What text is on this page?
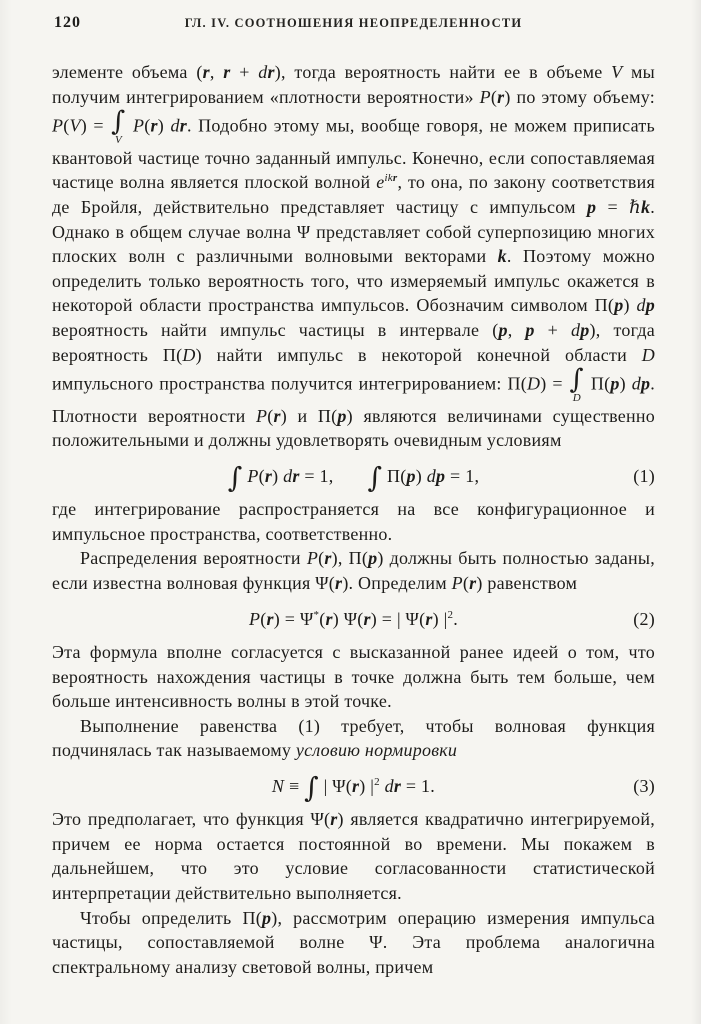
120	ГЛ. IV. СООТНОШЕНИЯ НЕОПРЕДЕЛЕННОСТИ

элементе объема (r, r + dr), тогда вероятность найти ее в объеме V мы получим интегрированием «плотности вероятности» P(r) по этому объему: P(V) = ∫
V
P(r) dr. Подобно этому мы, вообще говоря, не можем приписать квантовой частице точно заданный импульс. Конечно, если сопоставляемая частице волна является плоской волной $e^{ikr}$, то она, по закону соответствия де Бройля, действительно представляет частицу с импульсом p = ℏk. Однако в общем случае волна Ψ представляет собой суперпозицию многих плоских волн с различными волновыми векторами k. Поэтому можно определить только вероятность того, что измеряемый импульс окажется в некоторой области пространства импульсов. Обозначим символом Π(p) dp вероятность найти импульс частицы в интервале (p, p + dp), тогда вероятность Π(D) найти импульс в некоторой конечной области D импульсного пространства получится интегрированием: Π(D) = ∫
D
Π(p) dp. Плотности вероятности P(r) и Π(p) являются величинами существенно положительными и должны удовлетворять очевидным условиям

∫ P(r) dr = 1, ∫ Π(p) dp = 1,	(1)

где интегрирование распространяется на все конфигурационное и импульсное пространства, соответственно.

Распределения вероятности P(r), Π(p) должны быть полностью заданы, если известна волновая функция Ψ(r). Определим P(r) равенством

P(r) = Ψ*(r) Ψ(r) = | Ψ(r) $|^2$.	(2)

Эта формула вполне согласуется с высказанной ранее идеей о том, что вероятность нахождения частицы в точке должна быть тем больше, чем больше интенсивность волны в этой точке.

Выполнение равенства (1) требует, чтобы волновая функция подчинялась так называемому условию нормировки

N ≡ ∫ | Ψ(r) $|^2$ dr = 1.	(3)

Это предполагает, что функция Ψ(r) является квадратично интегрируемой, причем ее норма остается постоянной во времени. Мы покажем в дальнейшем, что это условие согласованности статистической интерпретации действительно выполняется.

Чтобы определить Π(p), рассмотрим операцию измерения импульса частицы, сопоставляемой волне Ψ. Эта проблема аналогична спектральному анализу световой волны, причем
